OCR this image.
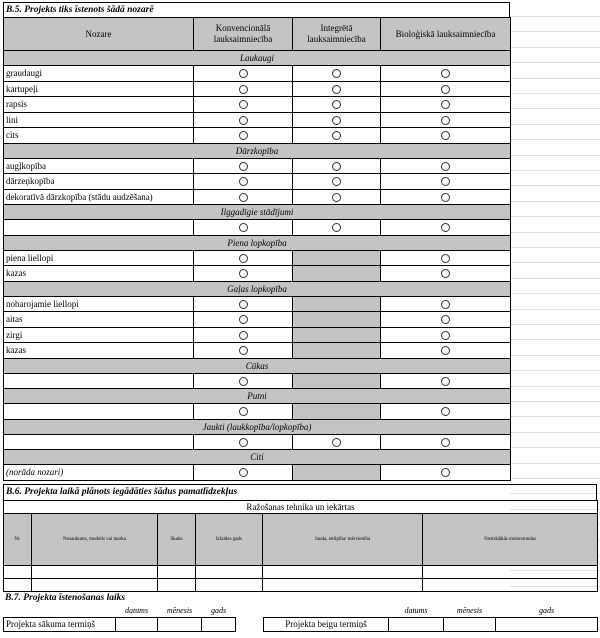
B.5. Projekts tiks īstenots šādā nozarē
Nozare	Konvencionālā lauksaimniecība	Integrētā lauksaimniecība	Bioloģiskā lauksaimniecība
Laukaugi			
graudaugi			
kartupeļi			
rapsis			
lini			
cits			
Dārzkopība			
augļkopība			
dārzeņkopība			
dekoratīvā dārzkopība (stādu audzēšana)			
Ilggadīgie stādījumi			

Piena lopkopība			
piena liellopi			
kazas			
Gaļas lopkopība			
nobarojamie liellopi			
aitas			
zirgi			
kazas			
Cūkas			

Putni			

Jaukti (laukkopība/lopkopība)			

Citi			
(norāda nozari)			
B.6. Projekta laikā plānots iegādāties šādus pamatlīdzekļus
Ražošanas tehnika un iekārtas					
Nr.	Nosaukums, modelis vai marka	Skaits	Izlaides gads	Jauda, ietilpība/ mērvienība	Nostrādātās motorstundas

B.7. Projekta īstenošanas laiks
	datums	mēnesis	gads			datums	mēnesis	gads
Projekta sākuma termiņš					Projekta beigu termiņš			
